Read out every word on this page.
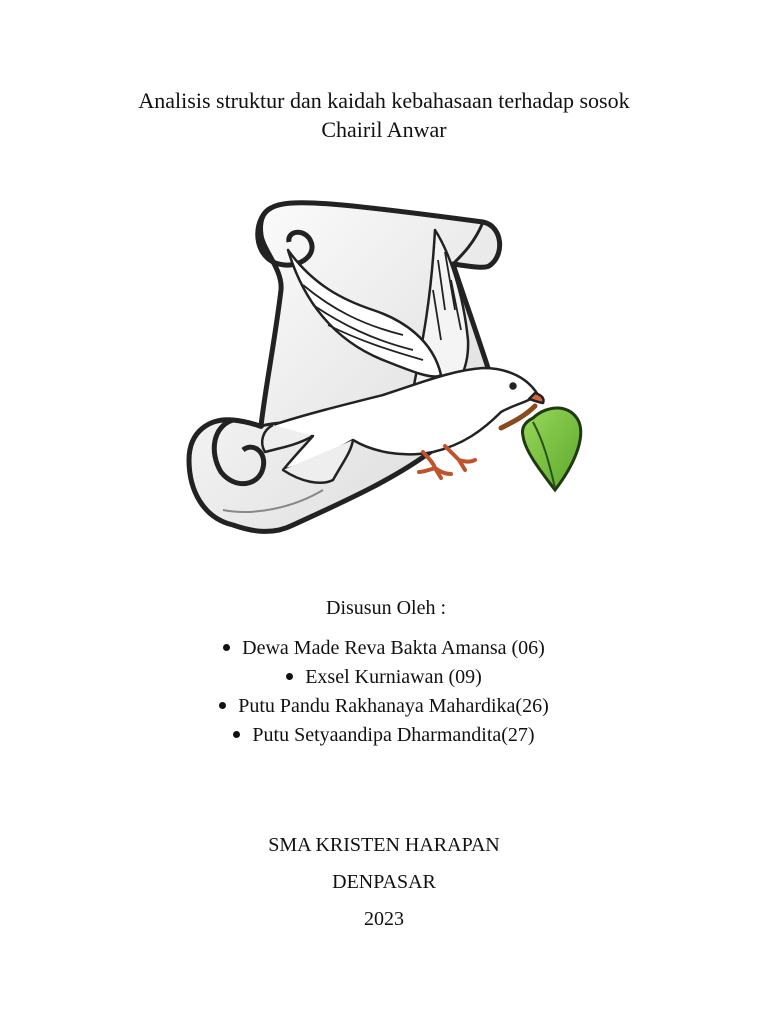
Analisis struktur dan kaidah kebahasaan terhadap sosok
Chairil Anwar
Disusun Oleh :
Dewa Made Reva Bakta Amansa (06)
Exsel Kurniawan (09)
Putu Pandu Rakhanaya Mahardika(26)
Putu Setyaandipa Dharmandita(27)
SMA KRISTEN HARAPAN
DENPASAR
2023
